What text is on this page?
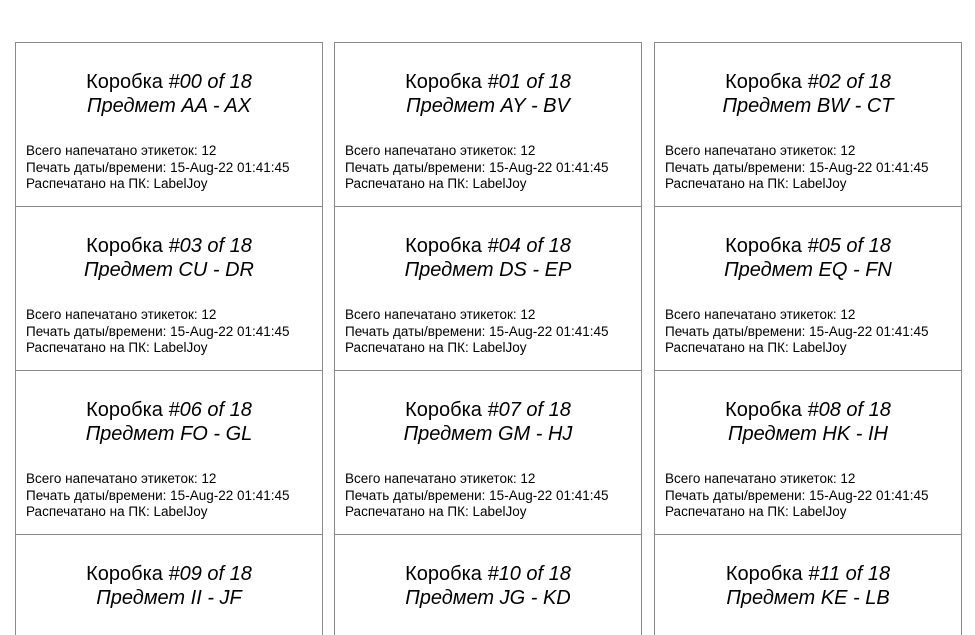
Коробка #00 of 18
Предмет AA - AX
Всего напечатано этикеток: 12
Печать даты/времени: 15-Aug-22 01:41:45
Распечатано на ПК: LabelJoy
Коробка #03 of 18
Предмет CU - DR
Всего напечатано этикеток: 12
Печать даты/времени: 15-Aug-22 01:41:45
Распечатано на ПК: LabelJoy
Коробка #06 of 18
Предмет FO - GL
Всего напечатано этикеток: 12
Печать даты/времени: 15-Aug-22 01:41:45
Распечатано на ПК: LabelJoy
Коробка #09 of 18
Предмет II - JF
Коробка #01 of 18
Предмет AY - BV
Всего напечатано этикеток: 12
Печать даты/времени: 15-Aug-22 01:41:45
Распечатано на ПК: LabelJoy
Коробка #04 of 18
Предмет DS - EP
Всего напечатано этикеток: 12
Печать даты/времени: 15-Aug-22 01:41:45
Распечатано на ПК: LabelJoy
Коробка #07 of 18
Предмет GM - HJ
Всего напечатано этикеток: 12
Печать даты/времени: 15-Aug-22 01:41:45
Распечатано на ПК: LabelJoy
Коробка #10 of 18
Предмет JG - KD
Коробка #02 of 18
Предмет BW - CT
Всего напечатано этикеток: 12
Печать даты/времени: 15-Aug-22 01:41:45
Распечатано на ПК: LabelJoy
Коробка #05 of 18
Предмет EQ - FN
Всего напечатано этикеток: 12
Печать даты/времени: 15-Aug-22 01:41:45
Распечатано на ПК: LabelJoy
Коробка #08 of 18
Предмет HK - IH
Всего напечатано этикеток: 12
Печать даты/времени: 15-Aug-22 01:41:45
Распечатано на ПК: LabelJoy
Коробка #11 of 18
Предмет KE - LB
